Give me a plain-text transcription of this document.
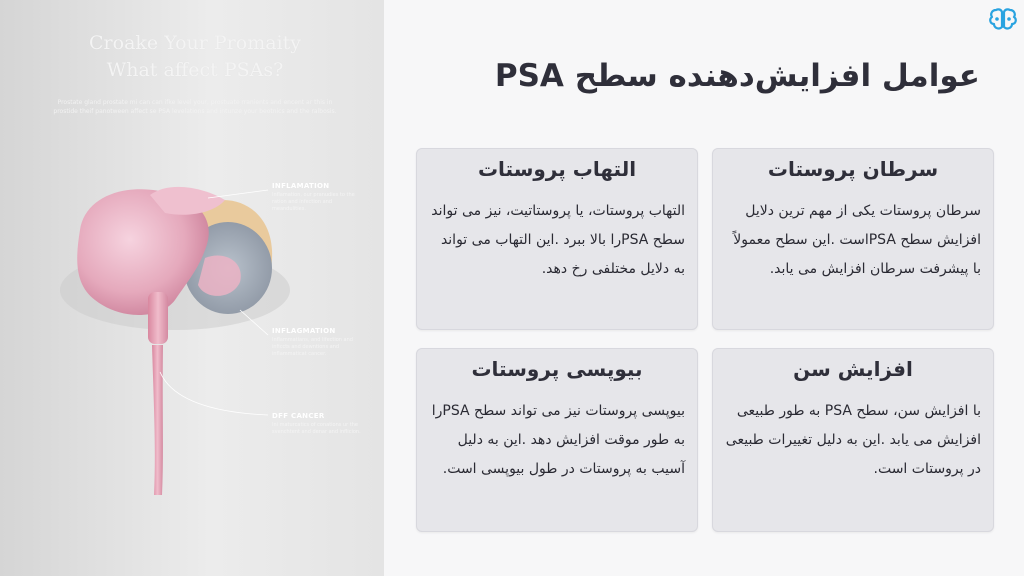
Croake Your Promaity
What affect PSAs?
Prostate gland prostate mi can can ifke level your, prostuate rranients and encent ar this in prostide theif panotween affect se PSA levelations and intunze your beotnics and the ralbosis.
INFLAMATION
Inflamation, our pranudies to the ration and infection and meandulities.
INFLAGMATION
Inflammatians, and lifection and inficcts and dewntions and inflammaticat cancer.
DFF CANCER
Ini maturcatics of conations ur the svenchtent and denar and inflicion.
عوامل افزایش‌دهنده سطح PSA
سرطان پروستات

سرطان پروستات یکی از مهم ترین دلایل افزایش سطح PSAاست .این سطح معمولاً با پیشرفت سرطان افزایش می یابد.

التهاب پروستات

التهاب پروستات، یا پروستاتیت، نیز می تواند سطح PSAرا بالا ببرد .این التهاب می تواند به دلایل مختلفی رخ دهد.

افزایش سن

با افزایش سن، سطح PSA به طور طبیعی افزایش می یابد .این به دلیل تغییرات طبیعی در پروستات است.

بیوپسی پروستات

بیوپسی پروستات نیز می تواند سطح PSAرا به طور موقت افزایش دهد .این به دلیل آسیب به پروستات در طول بیوپسی است.
